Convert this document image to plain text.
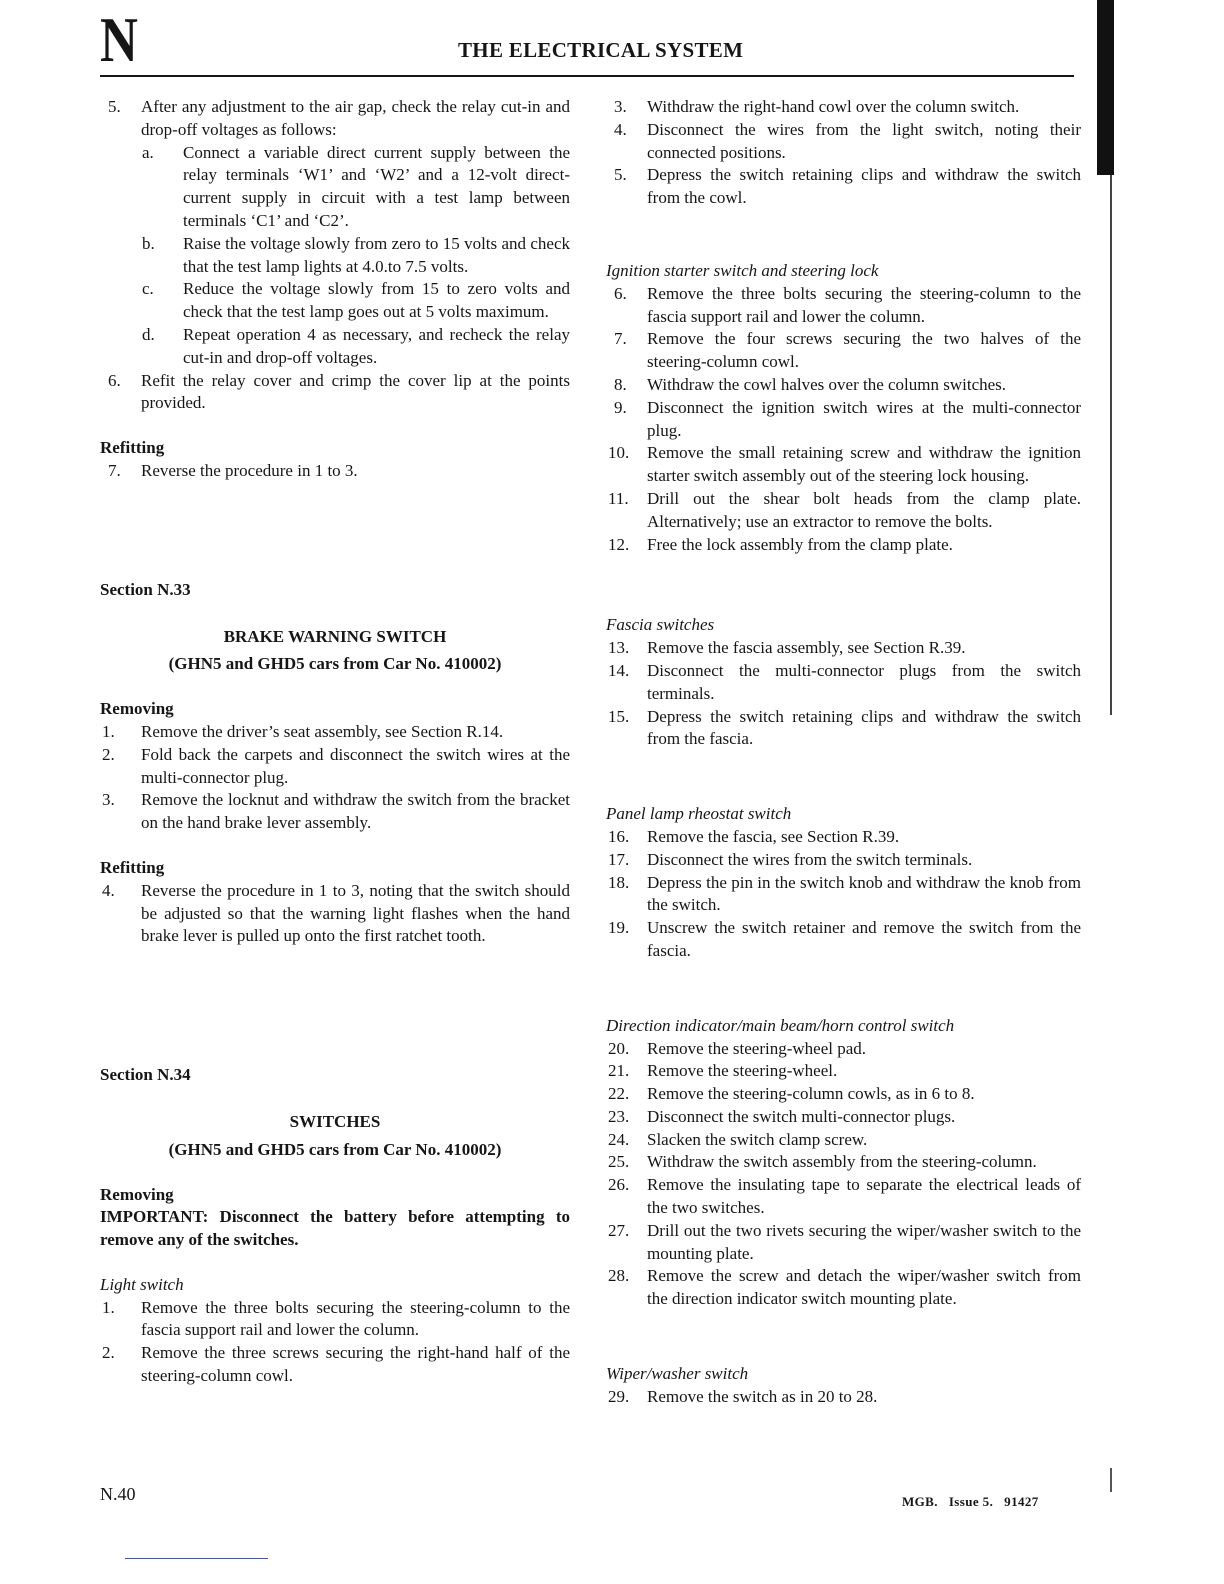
N	THE ELECTRICAL SYSTEM
5. After any adjustment to the air gap, check the relay cut-in and drop-off voltages as follows:
a. Connect a variable direct current supply between the relay terminals ‘W1’ and ‘W2’ and a 12-volt direct-current supply in circuit with a test lamp between terminals ‘C1’ and ‘C2’.
b. Raise the voltage slowly from zero to 15 volts and check that the test lamp lights at 4.0.to 7.5 volts.
c. Reduce the voltage slowly from 15 to zero volts and check that the test lamp goes out at 5 volts maximum.
d. Repeat operation 4 as necessary, and recheck the relay cut-in and drop-off voltages.
6. Refit the relay cover and crimp the cover lip at the points provided.
Refitting
7. Reverse the procedure in 1 to 3.
Section N.33
BRAKE WARNING SWITCH
(GHN5 and GHD5 cars from Car No. 410002)
Removing
1. Remove the driver’s seat assembly, see Section R.14.
2. Fold back the carpets and disconnect the switch wires at the multi-connector plug.
3. Remove the locknut and withdraw the switch from the bracket on the hand brake lever assembly.
Refitting
4. Reverse the procedure in 1 to 3, noting that the switch should be adjusted so that the warning light flashes when the hand brake lever is pulled up onto the first ratchet tooth.
Section N.34
SWITCHES
(GHN5 and GHD5 cars from Car No. 410002)
Removing
IMPORTANT: Disconnect the battery before attempting to remove any of the switches.
Light switch
1. Remove the three bolts securing the steering-column to the fascia support rail and lower the column.
2. Remove the three screws securing the right-hand half of the steering-column cowl.
3. Withdraw the right-hand cowl over the column switch.
4. Disconnect the wires from the light switch, noting their connected positions.
5. Depress the switch retaining clips and withdraw the switch from the cowl.
Ignition starter switch and steering lock
6. Remove the three bolts securing the steering-column to the fascia support rail and lower the column.
7. Remove the four screws securing the two halves of the steering-column cowl.
8. Withdraw the cowl halves over the column switches.
9. Disconnect the ignition switch wires at the multi-connector plug.
10. Remove the small retaining screw and withdraw the ignition starter switch assembly out of the steering lock housing.
11. Drill out the shear bolt heads from the clamp plate. Alternatively; use an extractor to remove the bolts.
12. Free the lock assembly from the clamp plate.
Fascia switches
13. Remove the fascia assembly, see Section R.39.
14. Disconnect the multi-connector plugs from the switch terminals.
15. Depress the switch retaining clips and withdraw the switch from the fascia.
Panel lamp rheostat switch
16. Remove the fascia, see Section R.39.
17. Disconnect the wires from the switch terminals.
18. Depress the pin in the switch knob and withdraw the knob from the switch.
19. Unscrew the switch retainer and remove the switch from the fascia.
Direction indicator/main beam/horn control switch
20. Remove the steering-wheel pad.
21. Remove the steering-wheel.
22. Remove the steering-column cowls, as in 6 to 8.
23. Disconnect the switch multi-connector plugs.
24. Slacken the switch clamp screw.
25. Withdraw the switch assembly from the steering-column.
26. Remove the insulating tape to separate the electrical leads of the two switches.
27. Drill out the two rivets securing the wiper/washer switch to the mounting plate.
28. Remove the screw and detach the wiper/washer switch from the direction indicator switch mounting plate.
Wiper/washer switch
29. Remove the switch as in 20 to 28.
N.40	MGB.   Issue 5.   91427
